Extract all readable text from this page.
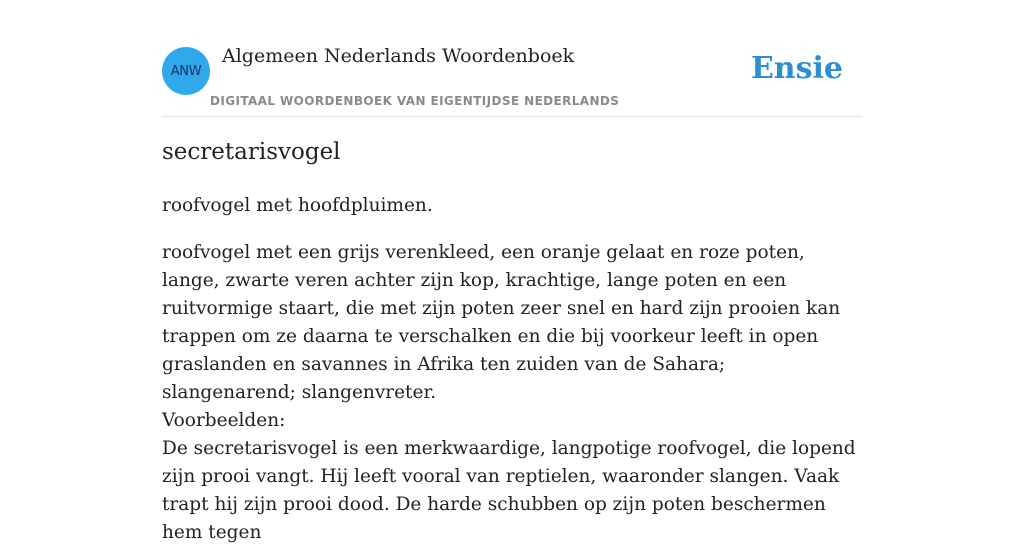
ANW
Algemeen Nederlands Woordenboek
DIGITAAL WOORDENBOEK VAN EIGENTIJDSE NEDERLANDS
Ensie
secretarisvogel

roofvogel met hoofdpluimen.

roofvogel met een grijs verenkleed, een oranje gelaat en roze poten, lange, zwarte veren achter zijn kop, krachtige, lange poten en een ruitvormige staart, die met zijn poten zeer snel en hard zijn prooien kan trappen om ze daarna te verschalken en die bij voorkeur leeft in open graslanden en savannes in Afrika ten zuiden van de Sahara; slangenarend; slangenvreter.

Voorbeelden:

De secretarisvogel is een merkwaardige, langpotige roofvogel, die lopend zijn prooi vangt. Hij leeft vooral van reptielen, waaronder slangen. Vaak trapt hij zijn prooi dood. De harde schubben op zijn poten beschermen hem tegen
